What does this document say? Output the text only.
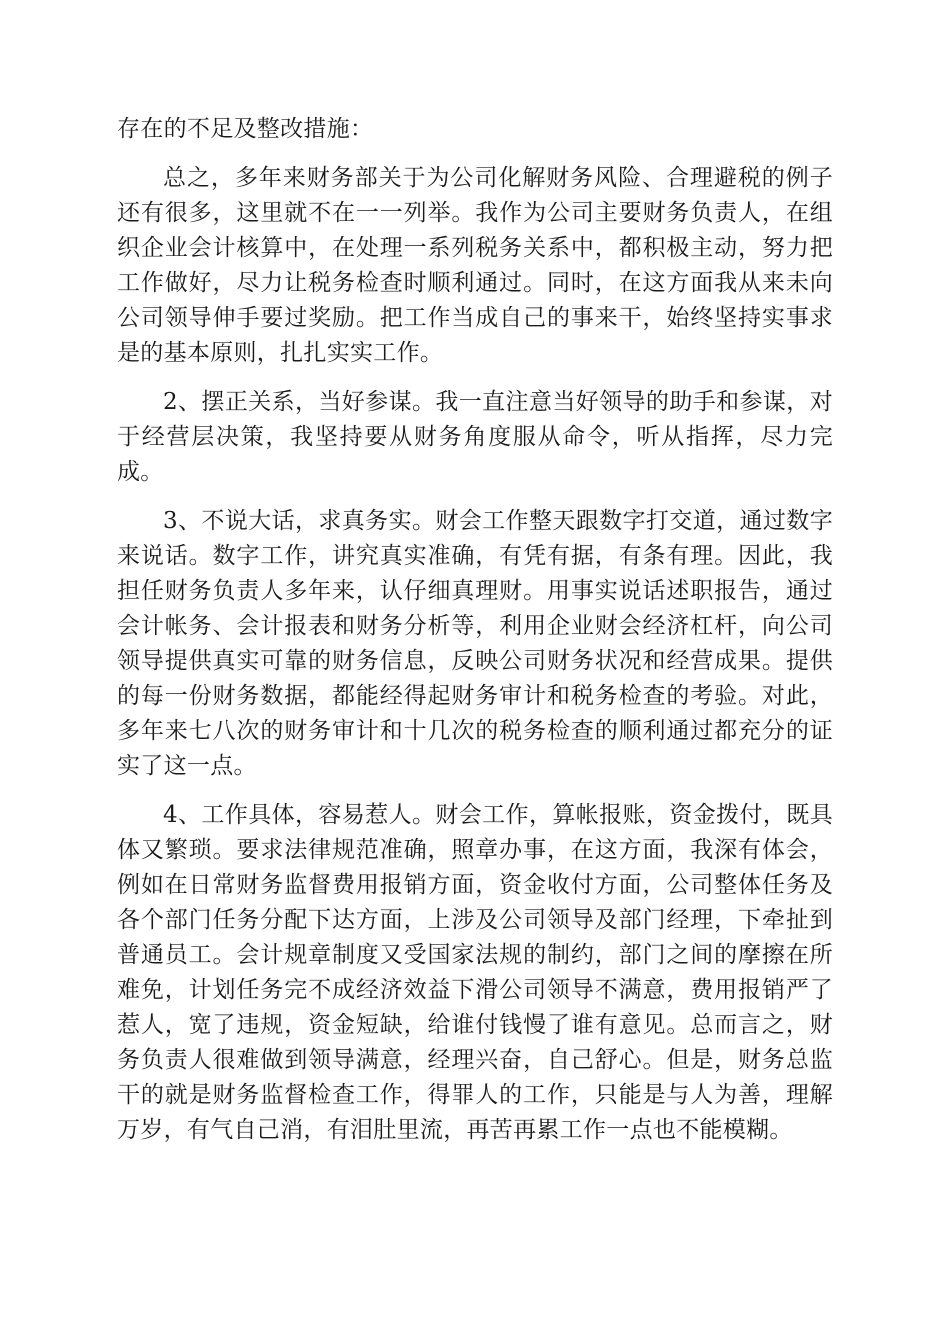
存在的不足及整改措施：

总之，多年来财务部关于为公司化解财务风险、合理避税的例子还有很多，这里就不在一一列举。我作为公司主要财务负责人，在组织企业会计核算中，在处理一系列税务关系中，都积极主动，努力把工作做好，尽力让税务检查时顺利通过。同时，在这方面我从来未向公司领导伸手要过奖励。把工作当成自己的事来干，始终坚持实事求是的基本原则，扎扎实实工作。

2、摆正关系，当好参谋。我一直注意当好领导的助手和参谋，对于经营层决策，我坚持要从财务角度服从命令，听从指挥，尽力完成。

3、不说大话，求真务实。财会工作整天跟数字打交道，通过数字来说话。数字工作，讲究真实准确，有凭有据，有条有理。因此，我担任财务负责人多年来，认仔细真理财。用事实说话述职报告，通过会计帐务、会计报表和财务分析等，利用企业财会经济杠杆，向公司领导提供真实可靠的财务信息，反映公司财务状况和经营成果。提供的每一份财务数据，都能经得起财务审计和税务检查的考验。对此，多年来七八次的财务审计和十几次的税务检查的顺利通过都充分的证实了这一点。

4、工作具体，容易惹人。财会工作，算帐报账，资金拨付，既具体又繁琐。要求法律规范准确，照章办事，在这方面，我深有体会，例如在日常财务监督费用报销方面，资金收付方面，公司整体任务及各个部门任务分配下达方面，上涉及公司领导及部门经理，下牵扯到普通员工。会计规章制度又受国家法规的制约，部门之间的摩擦在所难免，计划任务完不成经济效益下滑公司领导不满意，费用报销严了惹人，宽了违规，资金短缺，给谁付钱慢了谁有意见。总而言之，财务负责人很难做到领导满意，经理兴奋，自己舒心。但是，财务总监干的就是财务监督检查工作，得罪人的工作，只能是与人为善，理解万岁，有气自己消，有泪肚里流，再苦再累工作一点也不能模糊。
